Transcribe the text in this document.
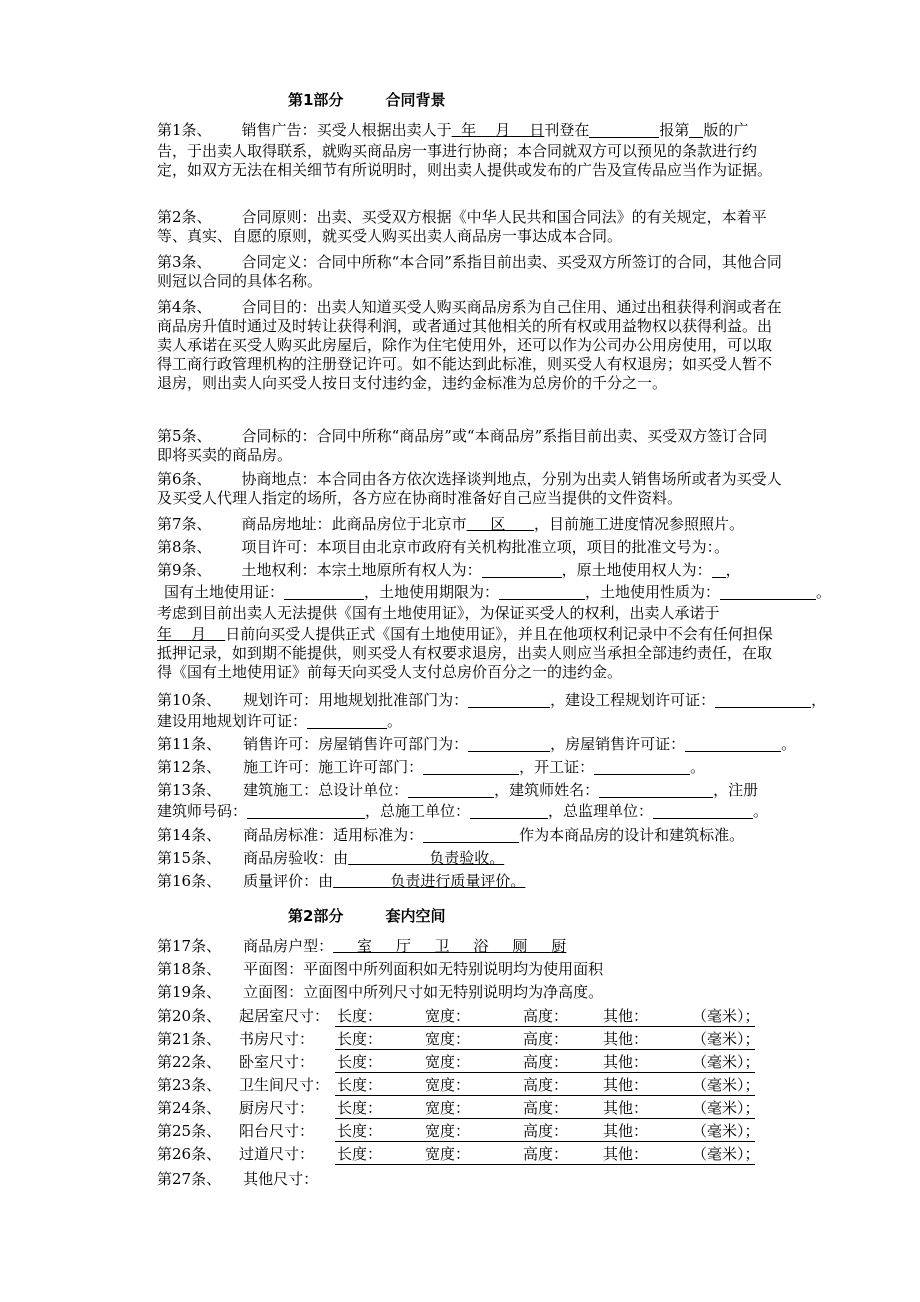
第1部分	合同背景
第1条、 销售广告：买受人根据出卖人于 年 月 日刊登在	报第 版的广
告，于出卖人取得联系，就购买商品房一事进行协商；本合同就双方可以预见的条款进行约定，如双方无法在相关细节有所说明时，则出卖人提供或发布的广告及宣传品应当作为证据。
第2条、 合同原则：出卖、买受双方根据《中华人民共和国合同法》的有关规定，本着平等、真实、自愿的原则，就买受人购买出卖人商品房一事达成本合同。
第3条、 合同定义：合同中所称“本合同”系指目前出卖、买受双方所签订的合同，其他合同则冠以合同的具体名称。
第4条、 合同目的：出卖人知道买受人购买商品房系为自己住用、通过出租获得利润或者在商品房升值时通过及时转让获得利润，或者通过其他相关的所有权或用益物权以获得利益。出卖人承诺在买受人购买此房屋后，除作为住宅使用外，还可以作为公司办公用房使用，可以取得工商行政管理机构的注册登记许可。如不能达到此标准，则买受人有权退房；如买受人暂不退房，则出卖人向买受人按日支付违约金，违约金标准为总房价的千分之一。
第5条、 合同标的：合同中所称“商品房”或“本商品房”系指目前出卖、买受双方签订合同即将买卖的商品房。
第6条、 协商地点：本合同由各方依次选择谈判地点，分别为出卖人销售场所或者为买受人及买受人代理人指定的场所，各方应在协商时准备好自己应当提供的文件资料。
第7条、 商品房地址：此商品房位于北京市 区 ，目前施工进度情况参照照片。
第8条、 项目许可：本项目由北京市政府有关机构批准立项，项目的批准文号为：。
第9条、 土地权利：本宗土地原所有权人为：	，原土地使用权人为： ，
国有土地使用证：	，土地使用期限为：	，土地使用性质为：	。
考虑到目前出卖人无法提供《国有土地使用证》，为保证买受人的权利，出卖人承诺于
年 月 日前向买受人提供正式《国有土地使用证》，并且在他项权利记录中不会有任何担保抵押记录，如到期不能提供，则买受人有权要求退房，出卖人则应当承担全部违约责任，在取得《国有土地使用证》前每天向买受人支付总房价百分之一的违约金。
第10条、 规划许可：用地规划批准部门为：	，建设工程规划许可证：	，
建设用地规划许可证：	。
第11条、 销售许可：房屋销售许可部门为：	，房屋销售许可证：	。
第12条、 施工许可：施工许可部门：	，开工证：	。
第13条、 建筑施工：总设计单位：	，建筑师姓名：	，注册
建筑师号码：	，总施工单位：	，总监理单位：	。
第14条、 商品房标准：适用标准为：	作为本商品房的设计和建筑标准。
第15条、 商品房验收：由	负责验收。
第16条、 质量评价：由	负责进行质量评价。
第2部分	套内空间
第17条、 商品房户型： 室 厅 卫 浴 厕 厨
第18条、 平面图：平面图中所列面积如无特别说明均为使用面积
第19条、 立面图：立面图中所列尺寸如无特别说明均为净高度。
第20条、 起居室尺寸： 长度：	宽度：	高度： 其他：	（毫米）；
第21条、 书房尺寸： 长度：	宽度：	高度： 其他：	（毫米）；
第22条、 卧室尺寸： 长度：	宽度：	高度： 其他：	（毫米）；
第23条、 卫生间尺寸： 长度：	宽度：	高度： 其他：	（毫米）；
第24条、 厨房尺寸： 长度：	宽度：	高度： 其他：	（毫米）；
第25条、 阳台尺寸： 长度：	宽度：	高度： 其他：	（毫米）；
第26条、 过道尺寸： 长度：	宽度：	高度： 其他：	（毫米）；
第27条、 其他尺寸：
